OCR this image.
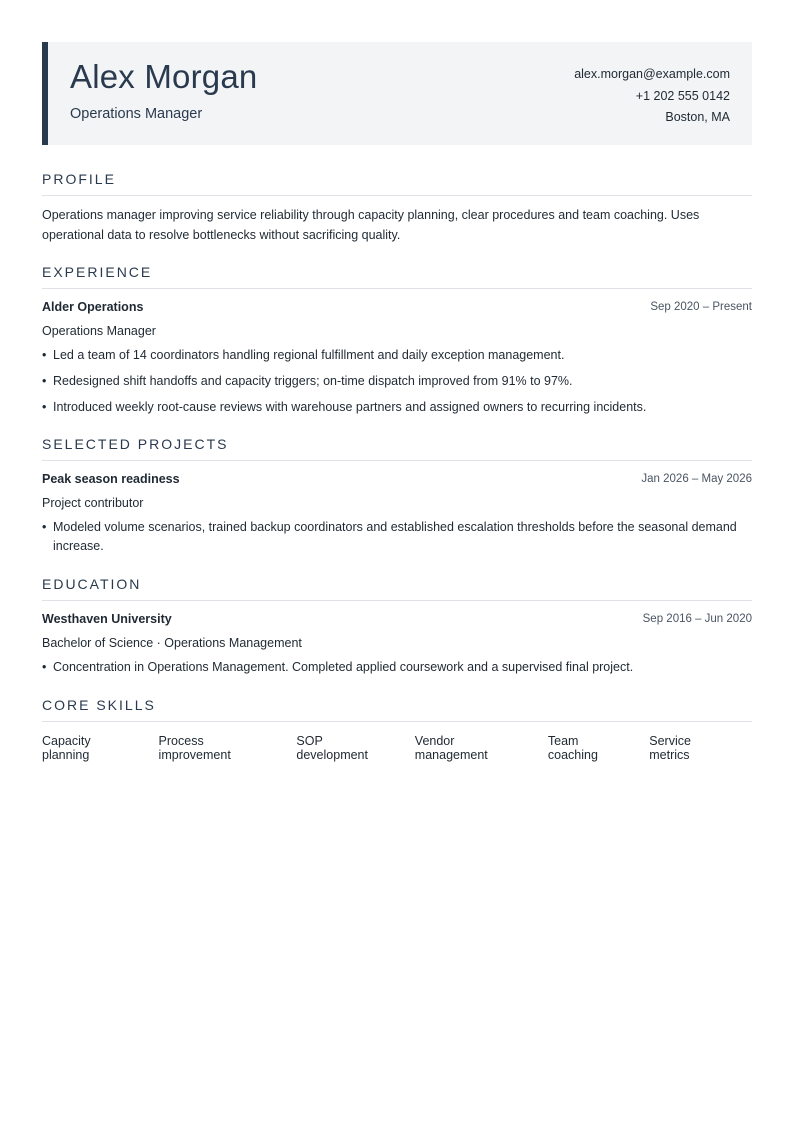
Alex Morgan
Operations Manager
alex.morgan@example.com
+1 202 555 0142
Boston, MA
PROFILE

Operations manager improving service reliability through capacity planning, clear procedures and team coaching. Uses operational data to resolve bottlenecks without sacrificing quality.

EXPERIENCE
Alder Operations	Sep 2020 – Present
Operations Manager
• Led a team of 14 coordinators handling regional fulfillment and daily exception management.
• Redesigned shift handoffs and capacity triggers; on-time dispatch improved from 91% to 97%.
• Introduced weekly root-cause reviews with warehouse partners and assigned owners to recurring incidents.
SELECTED PROJECTS
Peak season readiness	Jan 2026 – May 2026
Project contributor
• Modeled volume scenarios, trained backup coordinators and established escalation thresholds before the seasonal demand increase.
EDUCATION
Westhaven University	Sep 2016 – Jun 2020
Bachelor of Science · Operations Management
• Concentration in Operations Management. Completed applied coursework and a supervised final project.
CORE SKILLS
Capacity planning
Process improvement
SOP development
Vendor management
Team coaching
Service metrics
